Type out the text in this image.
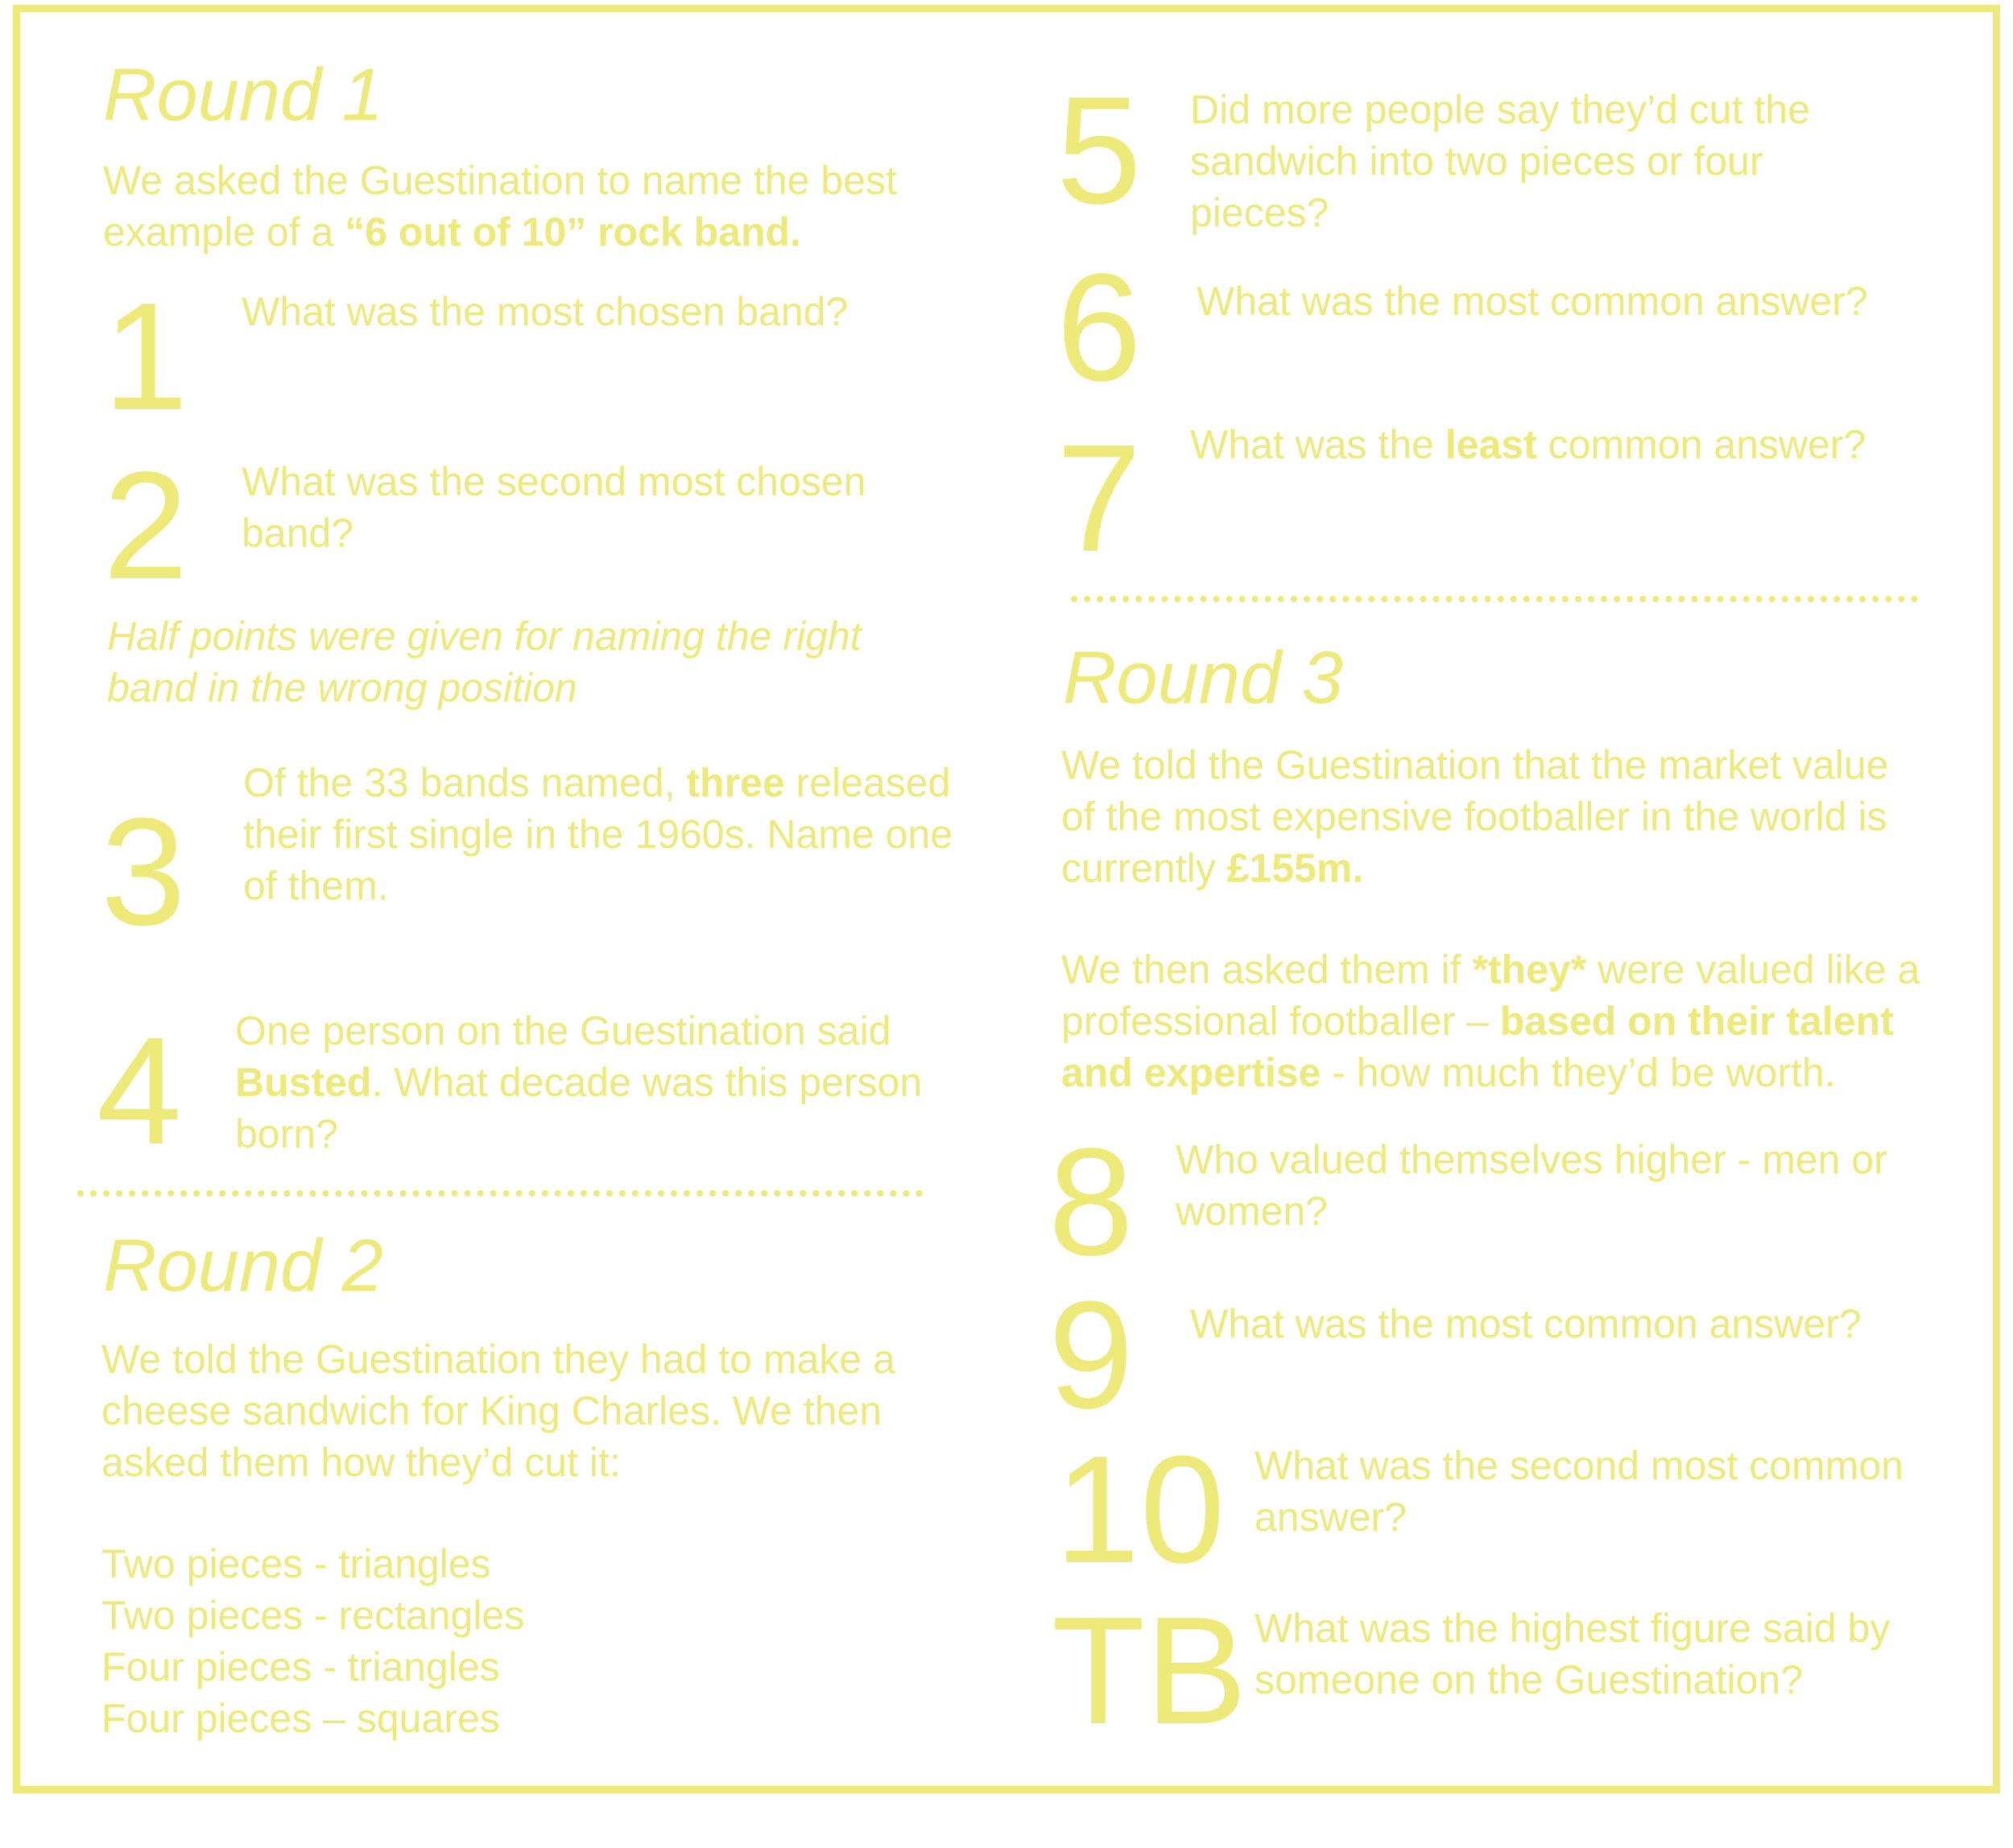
Round 1
We asked the Guestination to name the best example of a “6 out of 10” rock band.
1 What was the most chosen band?
2 What was the second most chosen band?
Half points were given for naming the right band in the wrong position
3
Of the 33 bands named, three released their first single in the 1960s. Name one of them.
4 One person on the Guestination said Busted. What decade was this person born?
Round 2
We told the Guestination they had to make a cheese sandwich for King Charles. We then asked them how they’d cut it:
Two pieces - triangles
Two pieces - rectangles
Four pieces - triangles
Four pieces – squares
5 Did more people say they’d cut the sandwich into two pieces or four pieces?
6 What was the most common answer?
7 What was the least common answer?
Round 3
We told the Guestination that the market value of the most expensive footballer in the world is currently £155m.
We then asked them if *they* were valued like a professional footballer – based on their talent and expertise - how much they’d be worth.
8 Who valued themselves higher - men or women?
9 What was the most common answer?
10 What was the second most common answer?
TB What was the highest figure said by someone on the Guestination?
